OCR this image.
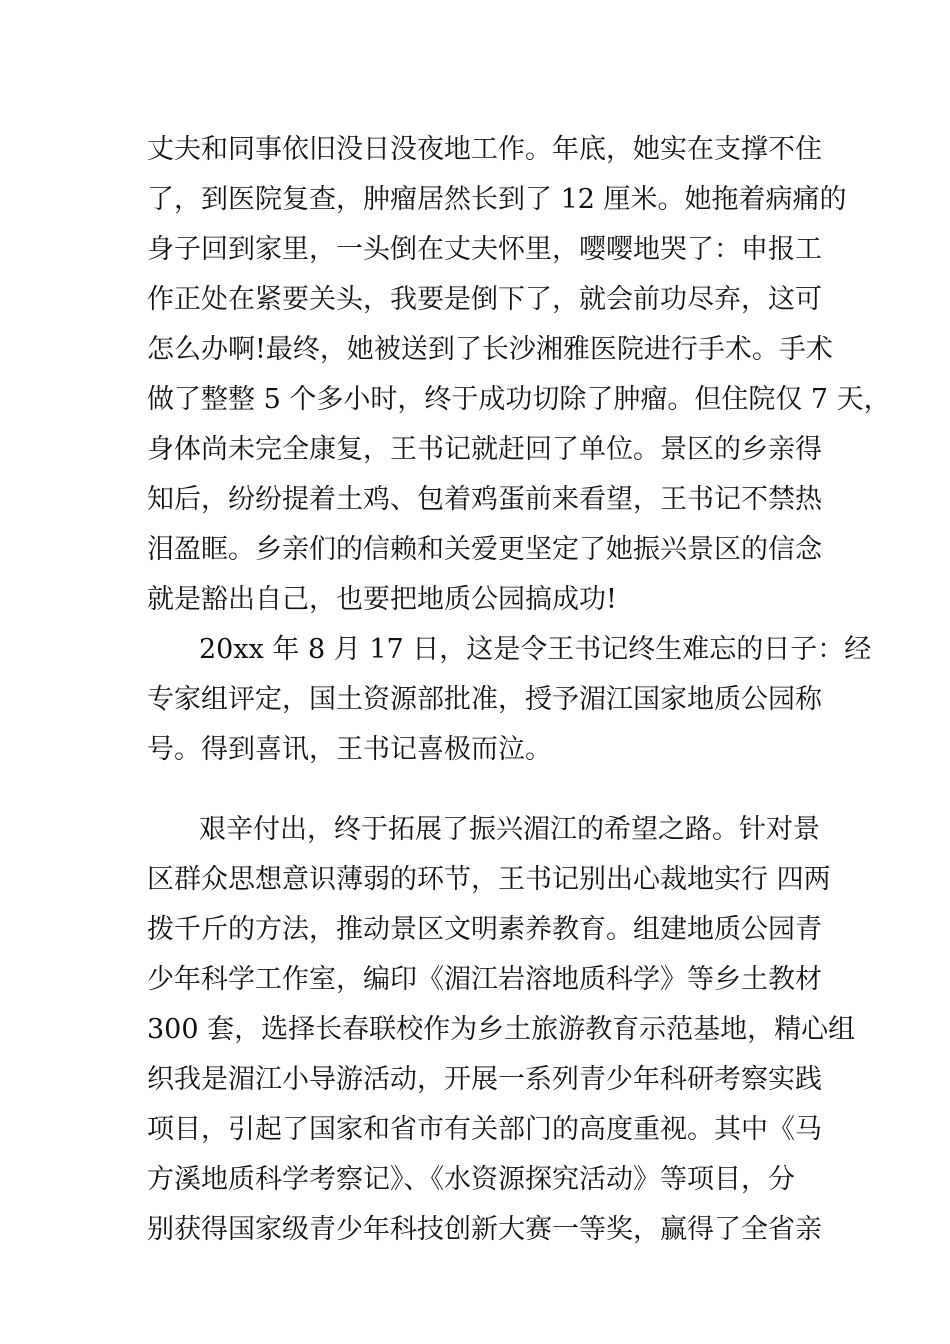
丈夫和同事依旧没日没夜地工作。年底，她实在支撑不住
了，到医院复查，肿瘤居然长到了 12 厘米。她拖着病痛的
身子回到家里，一头倒在丈夫怀里，嘤嘤地哭了：申报工
作正处在紧要关头，我要是倒下了，就会前功尽弃，这可
怎么办啊!最终，她被送到了长沙湘雅医院进行手术。手术
做了整整 5 个多小时，终于成功切除了肿瘤。但住院仅 7 天，
身体尚未完全康复，王书记就赶回了单位。景区的乡亲得
知后，纷纷提着土鸡、包着鸡蛋前来看望，王书记不禁热
泪盈眶。乡亲们的信赖和关爱更坚定了她振兴景区的信念
就是豁出自己，也要把地质公园搞成功!
20xx 年 8 月 17 日，这是令王书记终生难忘的日子：经
专家组评定，国土资源部批准，授予湄江国家地质公园称
号。得到喜讯，王书记喜极而泣。
艰辛付出，终于拓展了振兴湄江的希望之路。针对景
区群众思想意识薄弱的环节，王书记别出心裁地实行 四两
拨千斤的方法，推动景区文明素养教育。组建地质公园青
少年科学工作室，编印《湄江岩溶地质科学》等乡土教材
300 套，选择长春联校作为乡土旅游教育示范基地，精心组
织我是湄江小导游活动，开展一系列青少年科研考察实践
项目，引起了国家和省市有关部门的高度重视。其中《马
方溪地质科学考察记》、《水资源探究活动》等项目，分
别获得国家级青少年科技创新大赛一等奖，赢得了全省亲
